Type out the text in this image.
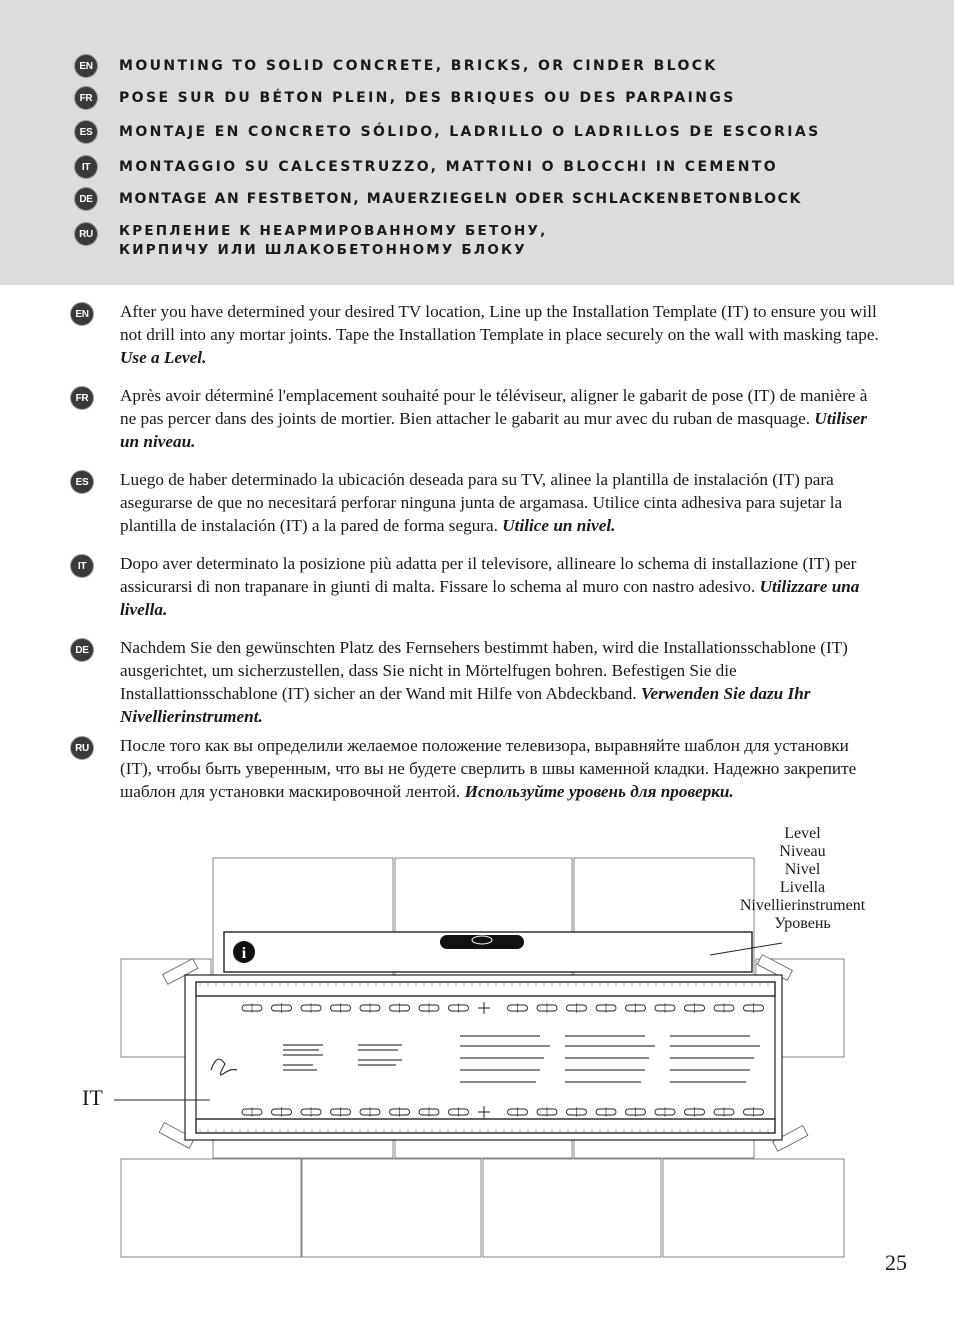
EN	MOUNTING TO SOLID CONCRETE, BRICKS, OR CINDER BLOCK
FR	POSE SUR DU BÉTON PLEIN, DES BRIQUES OU DES PARPAINGS
ES	MONTAJE EN CONCRETO SÓLIDO, LADRILLO O LADRILLOS DE ESCORIAS
IT	MONTAGGIO SU CALCESTRUZZO, MATTONI O BLOCCHI IN CEMENTO
DE	MONTAGE AN FESTBETON, MAUERZIEGELN ODER SCHLACKENBETONBLOCK
RU	КРЕПЛЕНИЕ К НЕАРМИРОВАННОМУ БЕТОНУ,
КИРПИЧУ ИЛИ ШЛАКОБЕТОННОМУ БЛОКУ
EN	After you have determined your desired TV location, Line up the Installation Template (IT) to ensure you will not drill into any mortar joints. Tape the Installation Template in place securely on the wall with masking tape. Use a Level.
FR	Après avoir déterminé l'emplacement souhaité pour le téléviseur, aligner le gabarit de pose (IT) de manière à ne pas percer dans des joints de mortier. Bien attacher le gabarit au mur avec du ruban de masquage. Utiliser un niveau.
ES	Luego de haber determinado la ubicación deseada para su TV, alinee la plantilla de instalación (IT) para asegurarse de que no necesitará perforar ninguna junta de argamasa. Utilice cinta adhesiva para sujetar la plantilla de instalación (IT) a la pared de forma segura. Utilice un nivel.
IT	Dopo aver determinato la posizione più adatta per il televisore, allineare lo schema di installazione (IT) per assicurarsi di non trapanare in giunti di malta. Fissare lo schema al muro con nastro adesivo. Utilizzare una livella.
DE	Nachdem Sie den gewünschten Platz des Fernsehers bestimmt haben, wird die Installationsschablone (IT) ausgerichtet, um sicherzustellen, dass Sie nicht in Mörtelfugen bohren. Befestigen Sie die Installattionsschablone (IT) sicher an der Wand mit Hilfe von Abdeckband. Verwenden Sie dazu Ihr Nivellierinstrument.
RU После того как вы определили желаемое положение телевизора, выравняйте шаблон для установки (IT), чтобы быть уверенным, что вы не будете сверлить в швы каменной кладки. Надежно закрепите шаблон для установки маскировочной лентой. Используйте уровень для проверки.
i
Level
Niveau
Nivel
Livella
Nivellierinstrument
Уровень
IT
25
